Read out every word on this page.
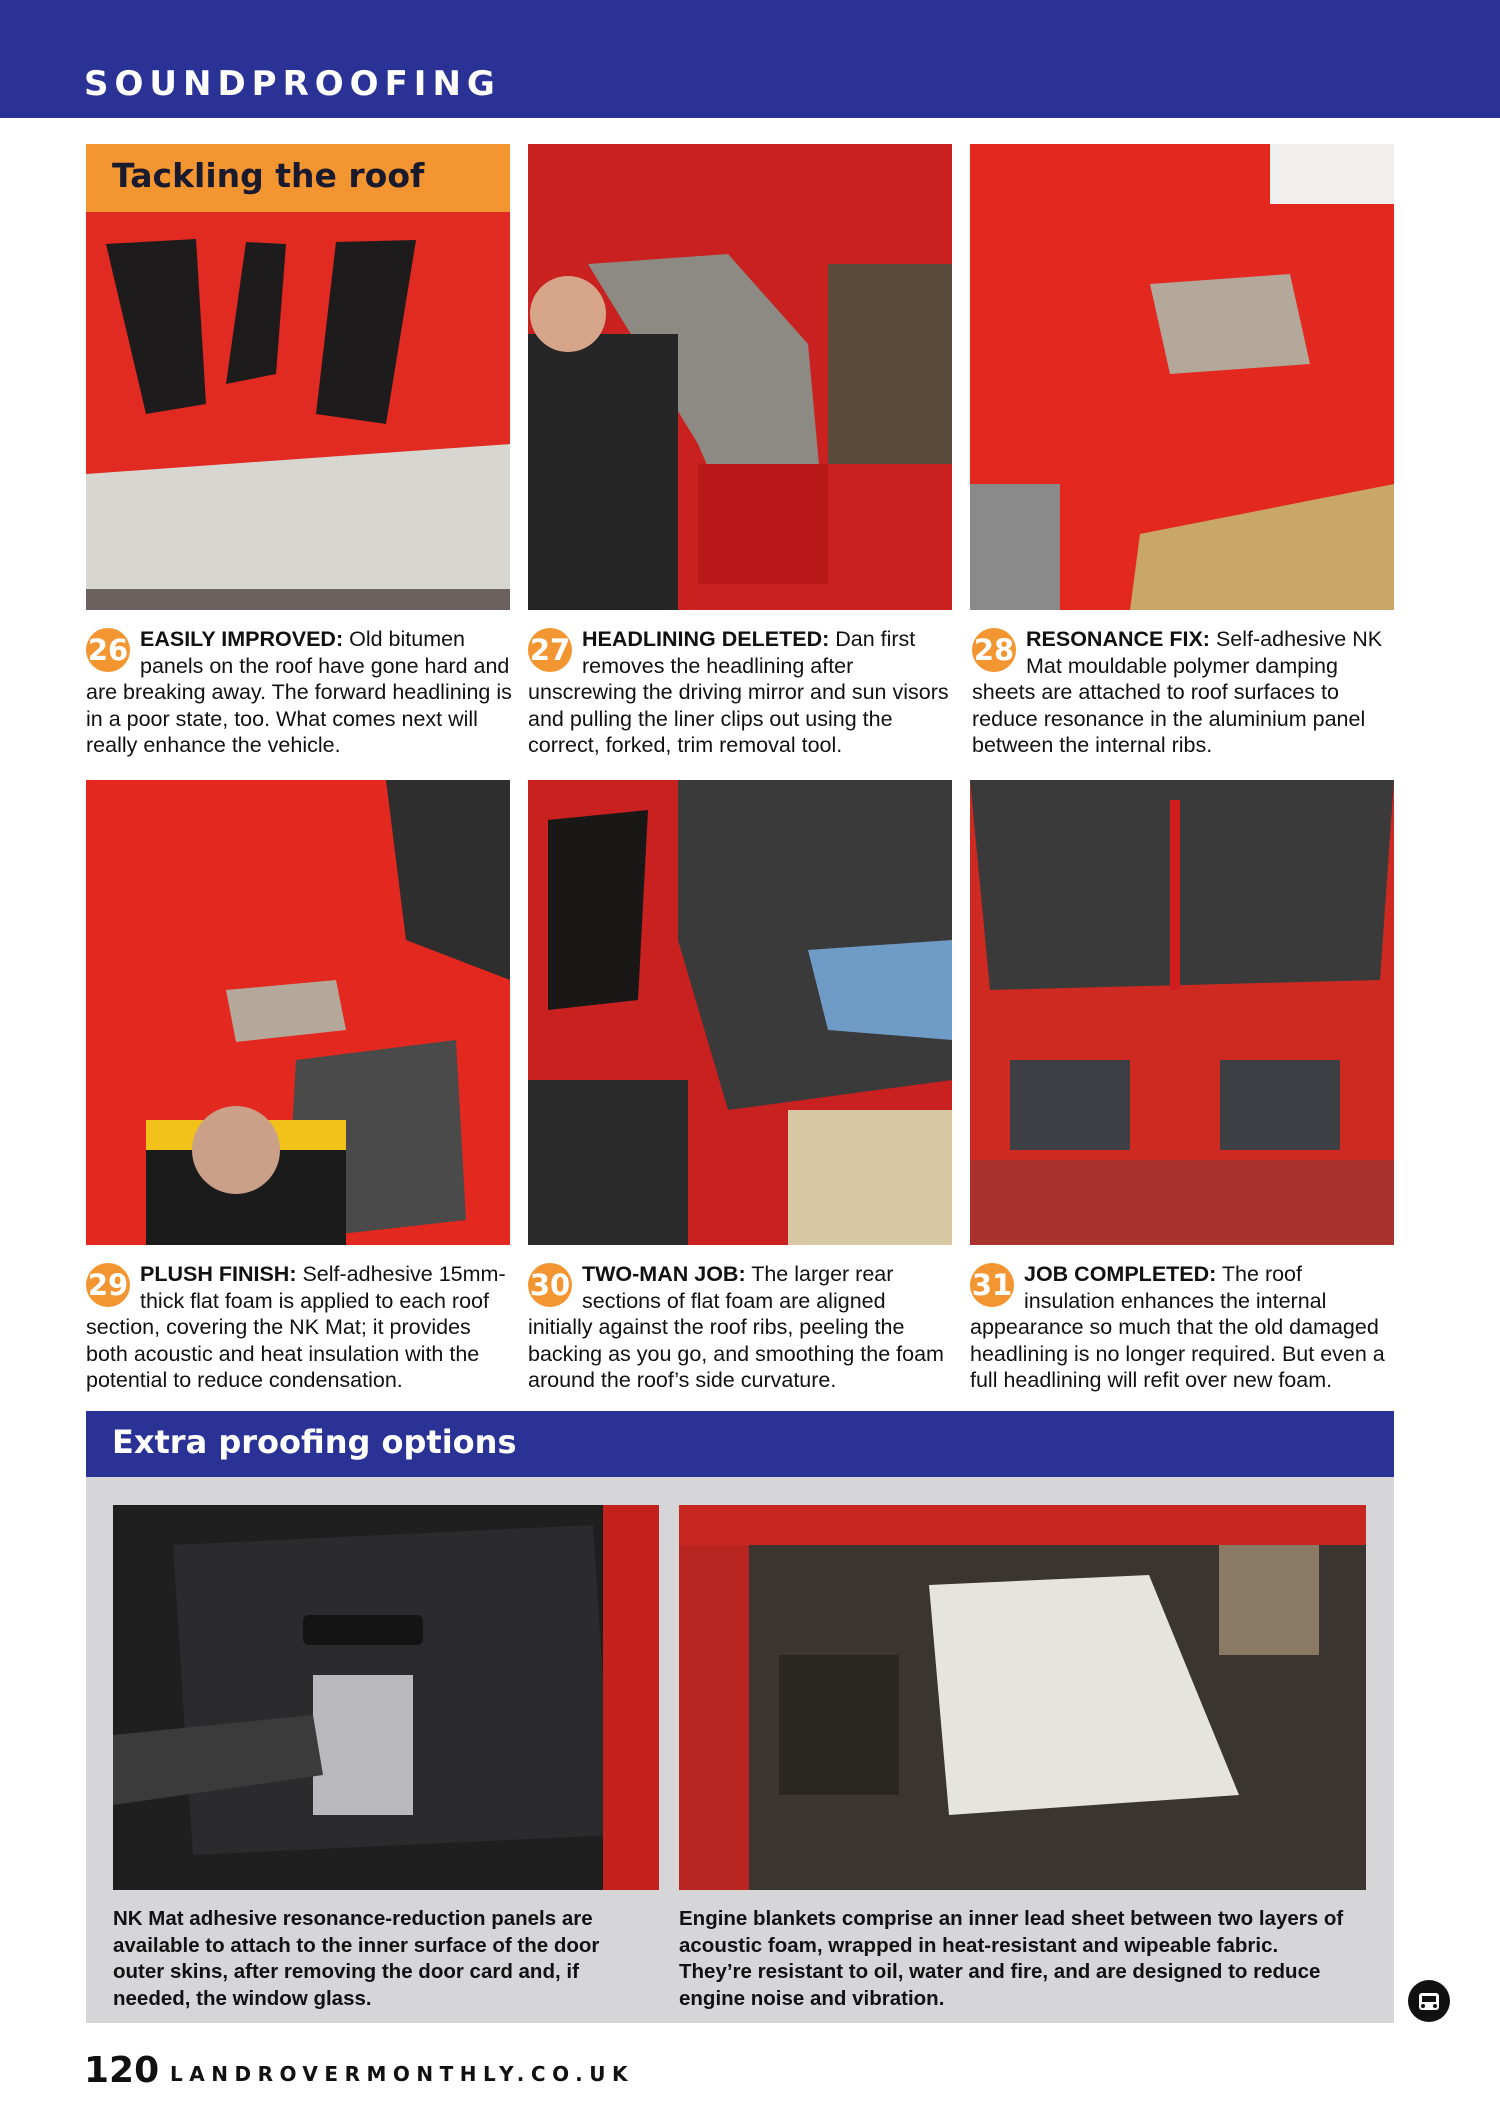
SOUNDPROOFING
Tackling the roof
26 EASILY IMPROVED: Old bitumen panels on the roof have gone hard and are breaking away. The forward headlining is in a poor state, too. What comes next will really enhance the vehicle.
27 HEADLINING DELETED: Dan first removes the headlining after unscrewing the driving mirror and sun visors and pulling the liner clips out using the correct, forked, trim removal tool.
28 RESONANCE FIX: Self-adhesive NK Mat mouldable polymer damping sheets are attached to roof surfaces to reduce resonance in the aluminium panel between the internal ribs.
29 PLUSH FINISH: Self-adhesive 15mm-thick flat foam is applied to each roof section, covering the NK Mat; it provides both acoustic and heat insulation with the potential to reduce condensation.
30 TWO-MAN JOB: The larger rear sections of flat foam are aligned initially against the roof ribs, peeling the backing as you go, and smoothing the foam around the roof’s side curvature.
31 JOB COMPLETED: The roof insulation enhances the internal appearance so much that the old damaged headlining is no longer required. But even a full headlining will refit over new foam.
Extra proofing options
NK Mat adhesive resonance-reduction panels are available to attach to the inner surface of the door outer skins, after removing the door card and, if needed, the window glass.
Engine blankets comprise an inner lead sheet between two layers of acoustic foam, wrapped in heat-resistant and wipeable fabric. They’re resistant to oil, water and fire, and are designed to reduce engine noise and vibration.
120 LANDROVERMONTHLY.CO.UK
